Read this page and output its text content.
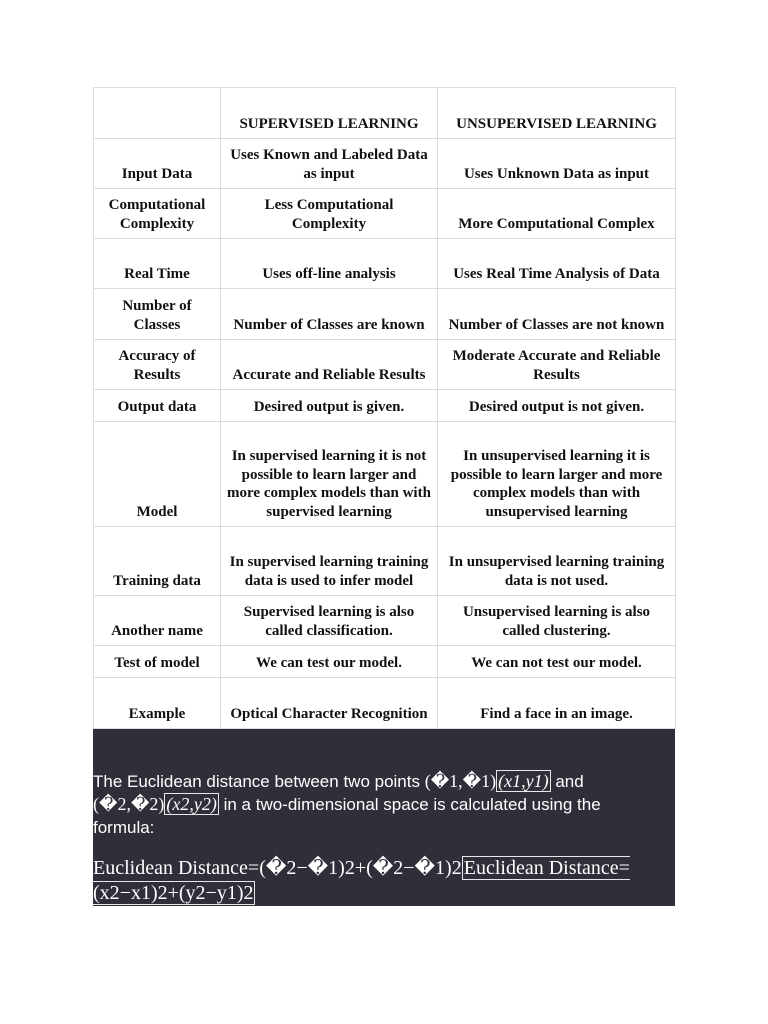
	SUPERVISED LEARNING	UNSUPERVISED LEARNING
Input Data	Uses Known and Labeled Data as input	Uses Unknown Data as input
Computational Complexity	Less Computational Complexity	More Computational Complex
Real Time	Uses off-line analysis	Uses Real Time Analysis of Data
Number of Classes	Number of Classes are known	Number of Classes are not known
Accuracy of Results	Accurate and Reliable Results	Moderate Accurate and Reliable Results
Output data	Desired output is given.	Desired output is not given.
Model	In supervised learning it is not possible to learn larger and more complex models than with supervised learning	In unsupervised learning it is possible to learn larger and more complex models than with unsupervised learning
Training data	In supervised learning training data is used to infer model	In unsupervised learning training data is not used.
Another name	Supervised learning is also called classification.	Unsupervised learning is also called clustering.
Test of model	We can test our model.	We can not test our model.
Example	Optical Character Recognition	Find a face in an image.

The Euclidean distance between two points (�1,�1) (x1,y1) and
(�2,�2) (x2,y2) in a two-dimensional space is calculated using the formula:

Euclidean Distance=(�2−�1)2+(�2−�1)2 Euclidean Distance=(x2−x1)2+(y2−y1)2
